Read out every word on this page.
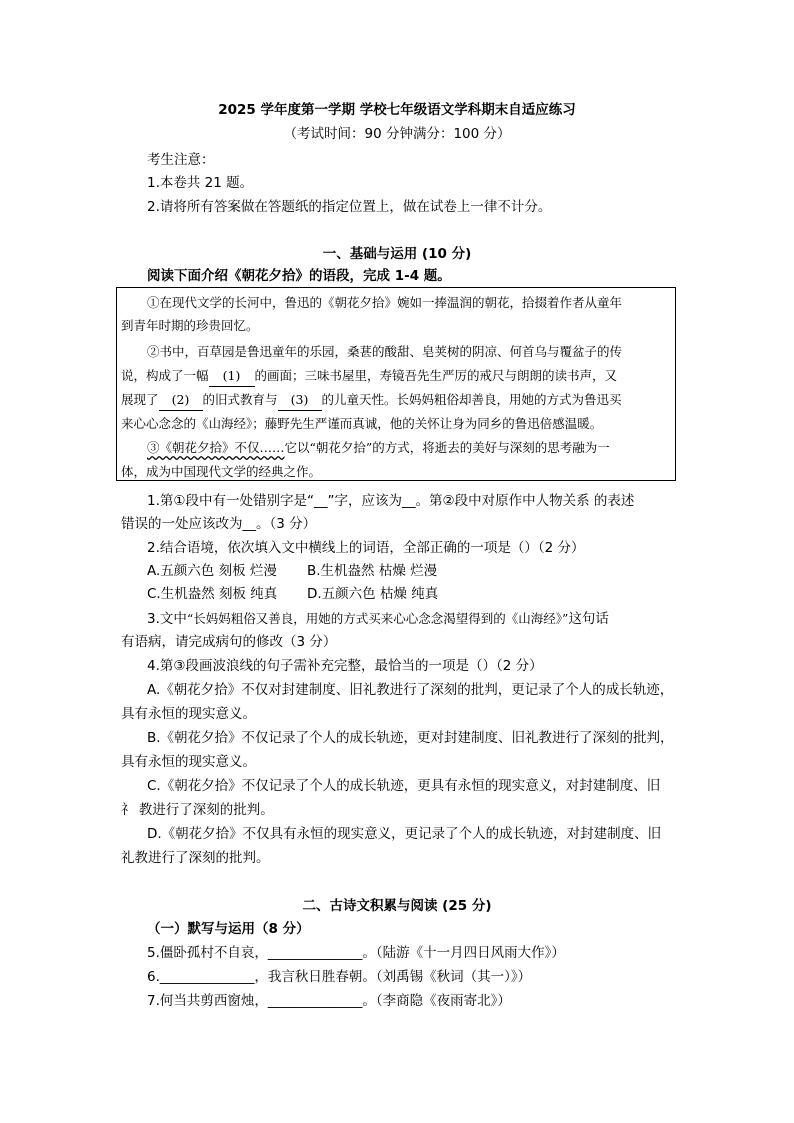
2025 学年度第一学期 学校七年级语文学科期末自适应练习
（考试时间：90 分钟满分：100 分）
考生注意：
1.本卷共 21 题。
2.请将所有答案做在答题纸的指定位置上，做在试卷上一律不计分。
一、基础与运用 (10 分)
阅读下面介绍《朝花夕拾》的语段，完成 1-4 题。
①在现代文学的长河中，鲁迅的《朝花夕拾》婉如一捧温润的朝花，拾掇着作者从童年
到青年时期的珍贵回忆。
②书中，百草园是鲁迅童年的乐园，桑葚的酸甜、皂荚树的阴凉、何首乌与覆盆子的传
说，构成了一幅 (1) 的画面；三味书屋里，寿镜吾先生严厉的戒尺与朗朗的读书声，又
展现了 (2) 的旧式教育与 (3) 的儿童天性。长妈妈粗俗却善良，用她的方式为鲁迅买
来心心念念的《山海经》；藤野先生严谨而真诚，他的关怀让身为同乡的鲁迅倍感温暖。
③《朝花夕拾》不仅……它以“朝花夕拾”的方式，将逝去的美好与深刻的思考融为一
体，成为中国现代文学的经典之作。
1.第①段中有一处错别字是“__”字，应该为__。第②段中对原作中人物关系 的表述
错误的一处应该改为__。（3 分）
2.结合语境，依次填入文中横线上的词语，全部正确的一项是（）（2 分）
A.五颜六色 刻板 烂漫 B.生机盎然 枯燥 烂漫
C.生机盎然 刻板 纯真 D.五颜六色 枯燥 纯真
3.文中“长妈妈粗俗又善良，用她的方式买来心心念念渴望得到的《山海经》”这句话
有语病，请完成病句的修改（3 分）
4.第③段画波浪线的句子需补充完整，最恰当的一项是（）（2 分）
A.《朝花夕拾》不仅对封建制度、旧礼教进行了深刻的批判，更记录了个人的成长轨迹，
具有永恒的现实意义。
B.《朝花夕拾》不仅记录了个人的成长轨迹，更对封建制度、旧礼教进行了深刻的批判，
具有永恒的现实意义。
C.《朝花夕拾》不仅记录了个人的成长轨迹，更具有永恒的现实意义，对封建制度、旧
礻 教进行了深刻的批判。
D.《朝花夕拾》不仅具有永恒的现实意义，更记录了个人的成长轨迹，对封建制度、旧
礼教进行了深刻的批判。
二、古诗文积累与阅读 (25 分)
（一）默写与运用（8 分）
5.僵卧孤村不自哀，______________。（陆游《十一月四日风雨大作》）
6.______________，我言秋日胜春朝。（刘禹锡《秋词（其一）》）
7.何当共剪西窗烛，______________。（李商隐《夜雨寄北》）
